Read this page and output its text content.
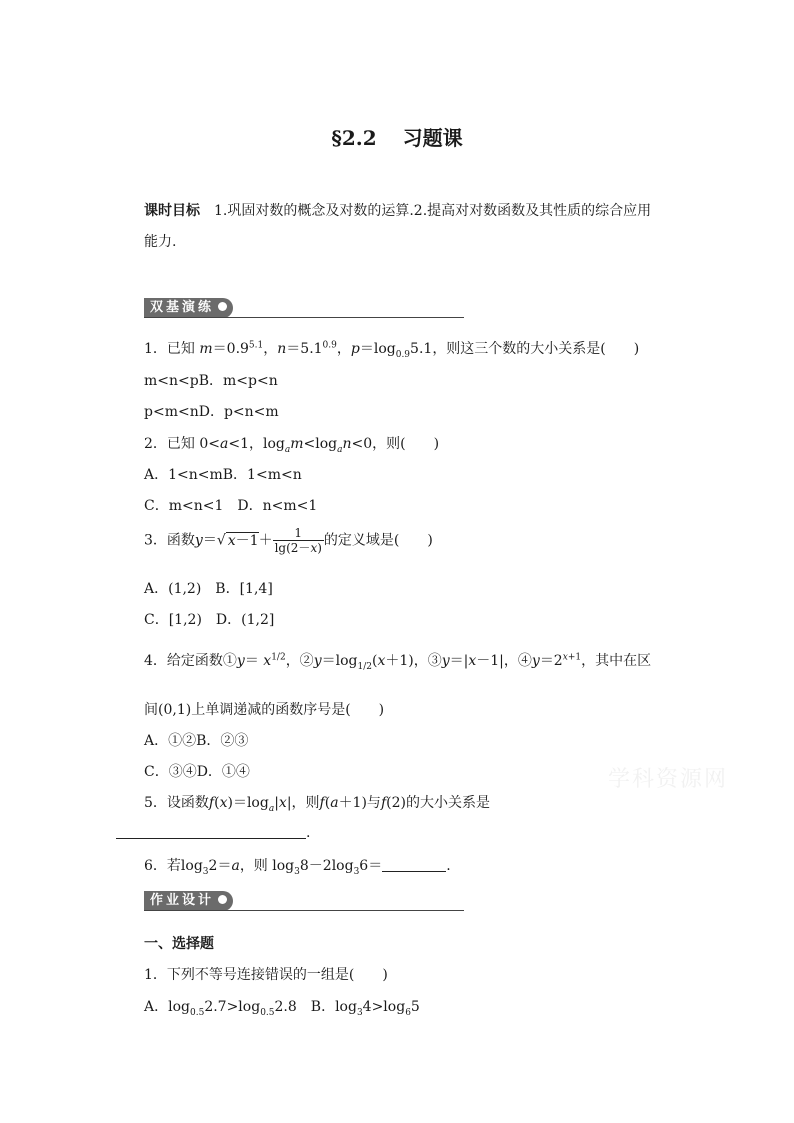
§2.2 习题课
课时目标　 1.巩固对数的概念及对数的运算.2.提高对对数函数及其性质的综合应用能力.
双基演练
1．已知 $m=0.9^{5.1}$，$n=5.1^{0.9}$，$p=\log_{0.9}5.1$，则这三个数的大小关系是(　　)
m<n<pB．m<p<n
p<m<nD．p<n<m
2．已知 0<a<1，$\log_am<\log_an<0$，则(　　)
A．1<n<mB．1<m<n
C．m<n<1　D．n<m<1
3．函数y＝√ $x-1+ \frac{1}{\lg(2-x)}$ 的定义域是(　　)
A．(1,2)　B．[1,4]
C．[1,2)　D．(1,2]
4．给定函数①y＝ $x^{1/2}$，$②y=\log_{1/2}(x+1)$，③y＝|x－1|，$④y=2^{x+1}$，其中在区
间(0,1)上单调递减的函数序号是(　　)
A．①②B．②③
C．③④D．①④
5．设函数$f(x)=\log_a|x|$，则f(a＋1)与f(2)的大小关系是
.
6．若$\log_32=a$，则 $\log_38-2\log_36=$	.
作业设计
一、选择题
1．下列不等号连接错误的一组是(　　)
A．$\log_{0.5}2.7>\log_{0.5}2.8$　B．$\log_34>\log_65$
学科资源网
